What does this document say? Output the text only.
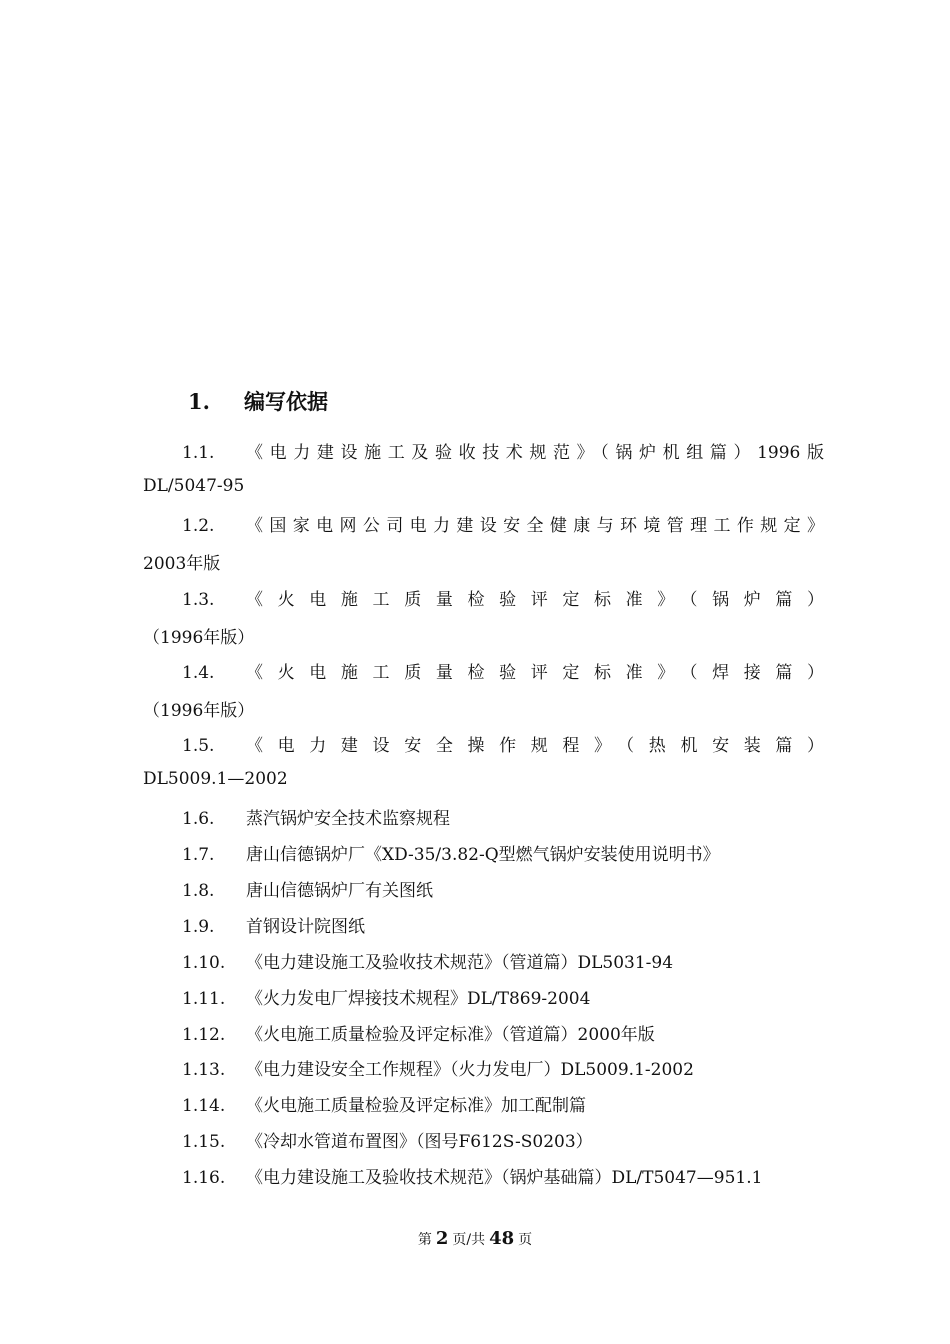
1.	编写依据
1.1.	《电力建设施工及验收技术规范》（锅炉机组篇）1996版
DL/5047-95
1.2.	《国家电网公司电力建设安全健康与环境管理工作规定》
2003年版
1.3.	《火电施工质量检验评定标准》（锅炉篇）
（1996年版）
1.4.	《火电施工质量检验评定标准》（焊接篇）
（1996年版）
1.5.	《电力建设安全操作规程》（热机安装篇）
DL5009.1—2002
1.6.	蒸汽锅炉安全技术监察规程
1.7.	唐山信德锅炉厂《XD-35/3.82-Q型燃气锅炉安装使用说明书》
1.8.	唐山信德锅炉厂有关图纸
1.9.	首钢设计院图纸
1.10.	《电力建设施工及验收技术规范》（管道篇）DL5031-94
1.11.	《火力发电厂焊接技术规程》DL/T869-2004
1.12.	《火电施工质量检验及评定标准》（管道篇）2000年版
1.13.	《电力建设安全工作规程》（火力发电厂）DL5009.1-2002
1.14.	《火电施工质量检验及评定标准》加工配制篇
1.15.	《冷却水管道布置图》（图号F612S-S0203）
1.16.	《电力建设施工及验收技术规范》（锅炉基础篇）DL/T5047—951.1
第 2 页/共 48 页
